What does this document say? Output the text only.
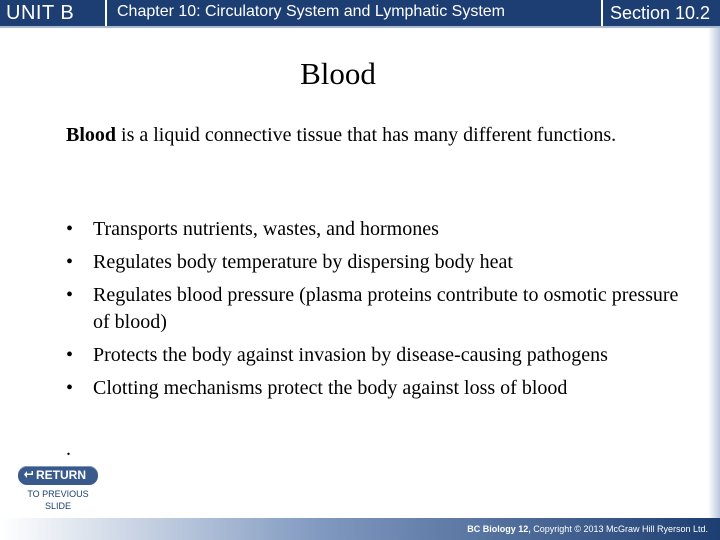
UNIT B	Chapter 10: Circulatory System and Lymphatic System	Section 10.2
Blood

Blood is a liquid connective tissue that has many different functions.

• Transports nutrients, wastes, and hormones
• Regulates body temperature by dispersing body heat
• Regulates blood pressure (plasma proteins contribute to osmotic pressure of blood)
• Protects the body against invasion by disease-causing pathogens
• Clotting mechanisms protect the body against loss of blood
.
RETURN
TO PREVIOUS
SLIDE
BC Biology 12, Copyright © 2013 McGraw Hill Ryerson Ltd.
